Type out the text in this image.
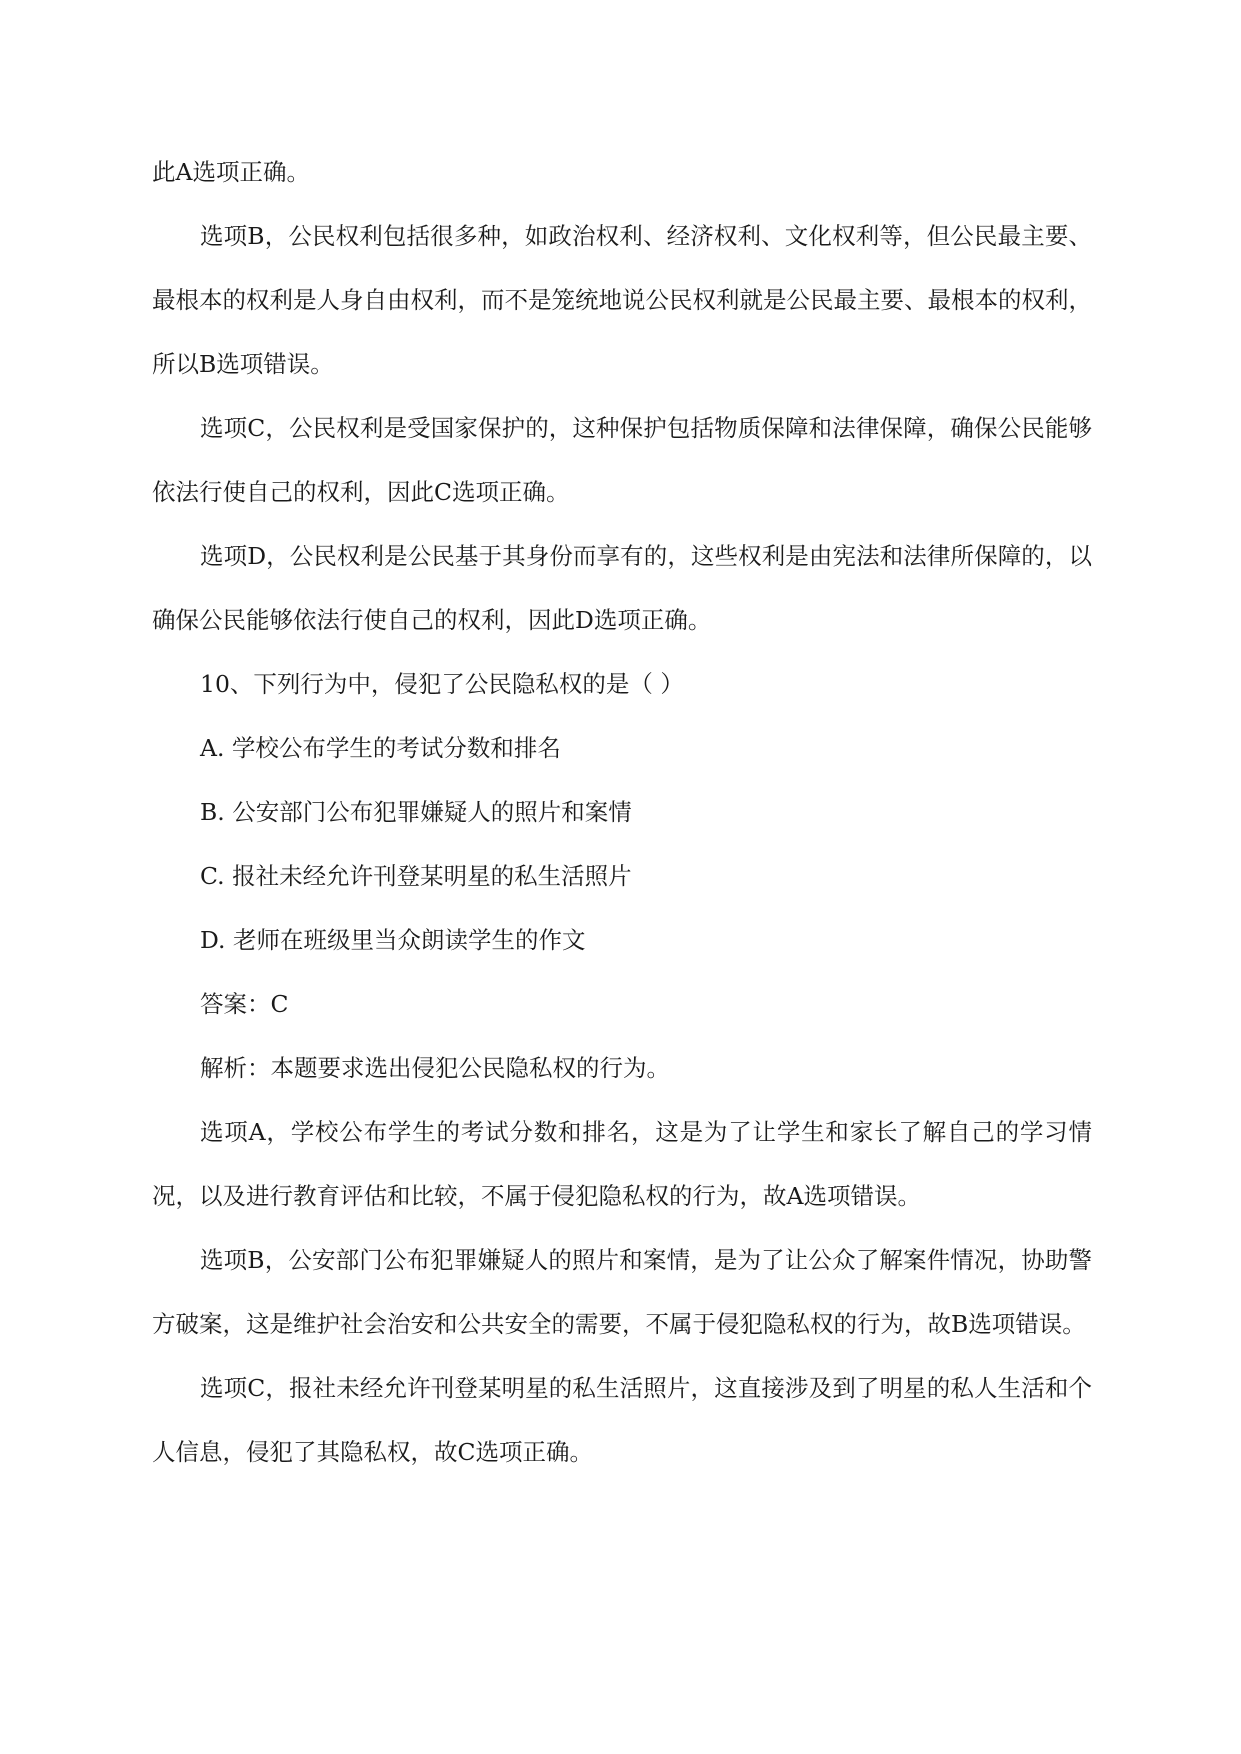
此A选项正确。

选项B，公民权利包括很多种，如政治权利、经济权利、文化权利等，但公民最主要、最根本的权利是人身自由权利，而不是笼统地说公民权利就是公民最主要、最根本的权利，所以B选项错误。

选项C，公民权利是受国家保护的，这种保护包括物质保障和法律保障，确保公民能够依法行使自己的权利，因此C选项正确。

选项D，公民权利是公民基于其身份而享有的，这些权利是由宪法和法律所保障的，以确保公民能够依法行使自己的权利，因此D选项正确。

10、下列行为中，侵犯了公民隐私权的是（ ）

A. 学校公布学生的考试分数和排名

B. 公安部门公布犯罪嫌疑人的照片和案情

C. 报社未经允许刊登某明星的私生活照片

D. 老师在班级里当众朗读学生的作文

答案：C

解析：本题要求选出侵犯公民隐私权的行为。

选项A，学校公布学生的考试分数和排名，这是为了让学生和家长了解自己的学习情况，以及进行教育评估和比较，不属于侵犯隐私权的行为，故A选项错误。

选项B，公安部门公布犯罪嫌疑人的照片和案情，是为了让公众了解案件情况，协助警方破案，这是维护社会治安和公共安全的需要，不属于侵犯隐私权的行为，故B选项错误。

选项C，报社未经允许刊登某明星的私生活照片，这直接涉及到了明星的私人生活和个人信息，侵犯了其隐私权，故C选项正确。
